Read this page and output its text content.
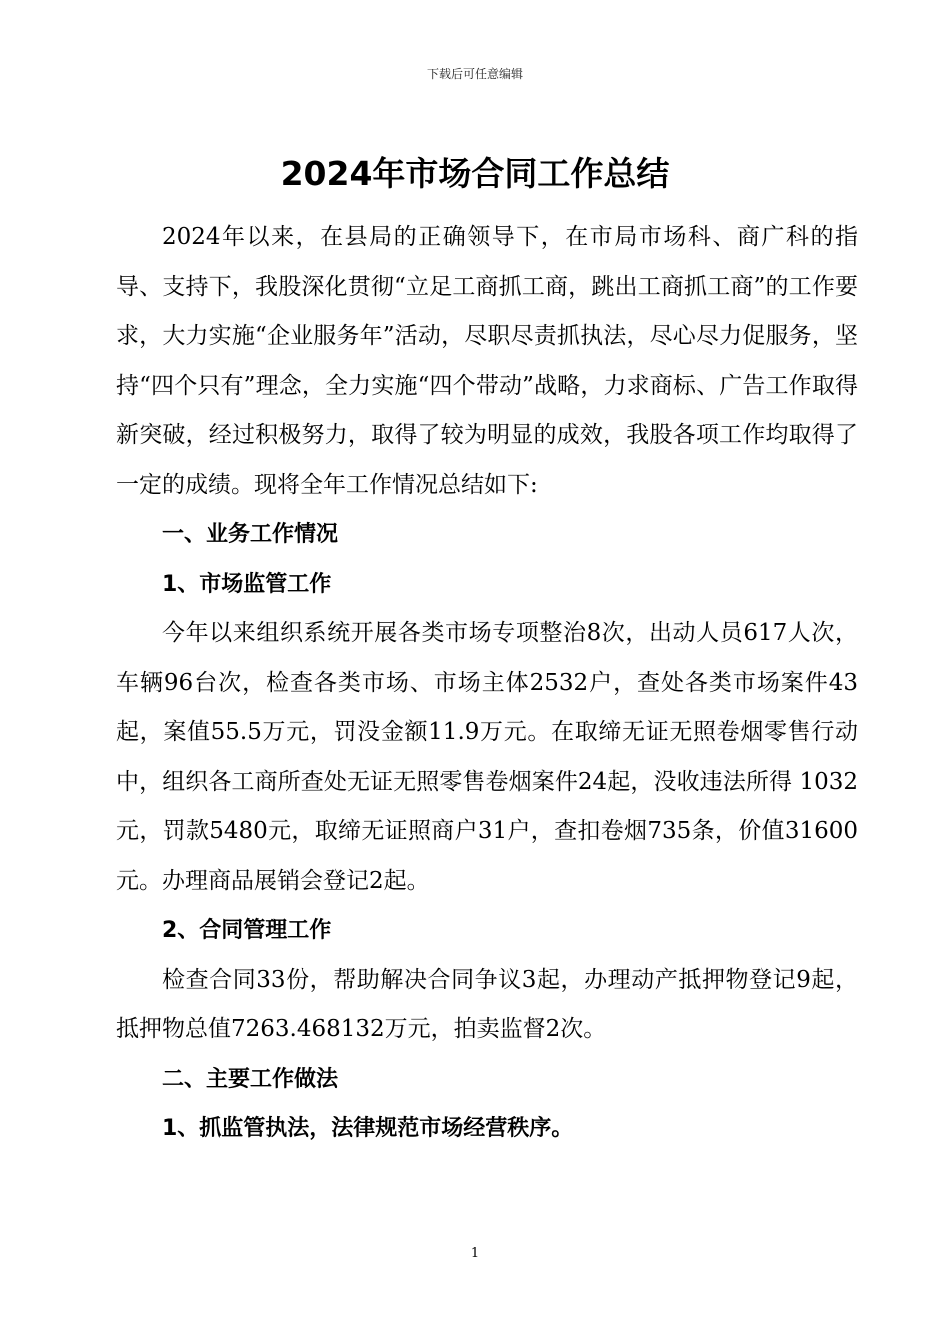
下载后可任意编辑
2024年市场合同工作总结

2024年以来，在县局的正确领导下，在市局市场科、商广科的指导、支持下，我股深化贯彻“立足工商抓工商，跳出工商抓工商”的工作要求，大力实施“企业服务年”活动，尽职尽责抓执法，尽心尽力促服务，坚持“四个只有”理念，全力实施“四个带动”战略，力求商标、广告工作取得新突破，经过积极努力，取得了较为明显的成效，我股各项工作均取得了一定的成绩。现将全年工作情况总结如下:

一、业务工作情况

1、市场监管工作

今年以来组织系统开展各类市场专项整治8次，出动人员617人次，车辆96台次，检查各类市场、市场主体2532户，查处各类市场案件43起，案值55.5万元，罚没金额11.9万元。在取缔无证无照卷烟零售行动中，组织各工商所查处无证无照零售卷烟案件24起，没收违法所得 1032元，罚款5480元，取缔无证照商户31户，查扣卷烟735条，价值31600元。办理商品展销会登记2起。

2、合同管理工作

检查合同33份，帮助解决合同争议3起，办理动产抵押物登记9起，抵押物总值7263.468132万元，拍卖监督2次。

二、主要工作做法

1、抓监管执法，法律规范市场经营秩序。

1
